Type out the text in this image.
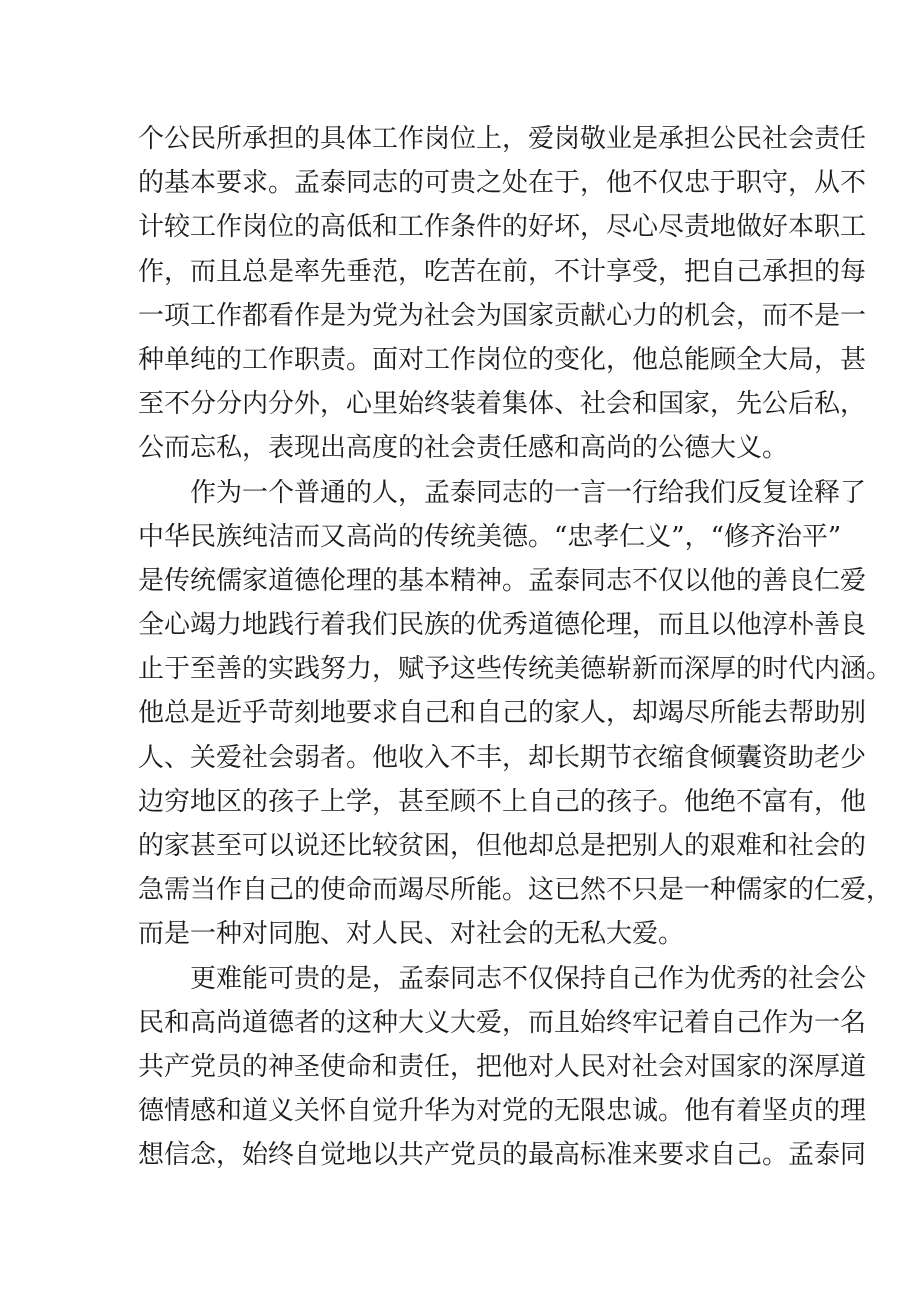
个公民所承担的具体工作岗位上，爱岗敬业是承担公民社会责任
的基本要求。孟泰同志的可贵之处在于，他不仅忠于职守，从不
计较工作岗位的高低和工作条件的好坏，尽心尽责地做好本职工
作，而且总是率先垂范，吃苦在前，不计享受，把自己承担的每
一项工作都看作是为党为社会为国家贡献心力的机会，而不是一
种单纯的工作职责。面对工作岗位的变化，他总能顾全大局，甚
至不分分内分外，心里始终装着集体、社会和国家，先公后私，
公而忘私，表现出高度的社会责任感和高尚的公德大义。
作为一个普通的人，孟泰同志的一言一行给我们反复诠释了
中华民族纯洁而又高尚的传统美德。“忠孝仁义”，“修齐治平”
是传统儒家道德伦理的基本精神。孟泰同志不仅以他的善良仁爱
全心竭力地践行着我们民族的优秀道德伦理，而且以他淳朴善良
止于至善的实践努力，赋予这些传统美德崭新而深厚的时代内涵。
他总是近乎苛刻地要求自己和自己的家人，却竭尽所能去帮助别
人、关爱社会弱者。他收入不丰，却长期节衣缩食倾囊资助老少
边穷地区的孩子上学，甚至顾不上自己的孩子。他绝不富有，他
的家甚至可以说还比较贫困，但他却总是把别人的艰难和社会的
急需当作自己的使命而竭尽所能。这已然不只是一种儒家的仁爱，
而是一种对同胞、对人民、对社会的无私大爱。
更难能可贵的是，孟泰同志不仅保持自己作为优秀的社会公
民和高尚道德者的这种大义大爱，而且始终牢记着自己作为一名
共产党员的神圣使命和责任，把他对人民对社会对国家的深厚道
德情感和道义关怀自觉升华为对党的无限忠诚。他有着坚贞的理
想信念，始终自觉地以共产党员的最高标准来要求自己。孟泰同
